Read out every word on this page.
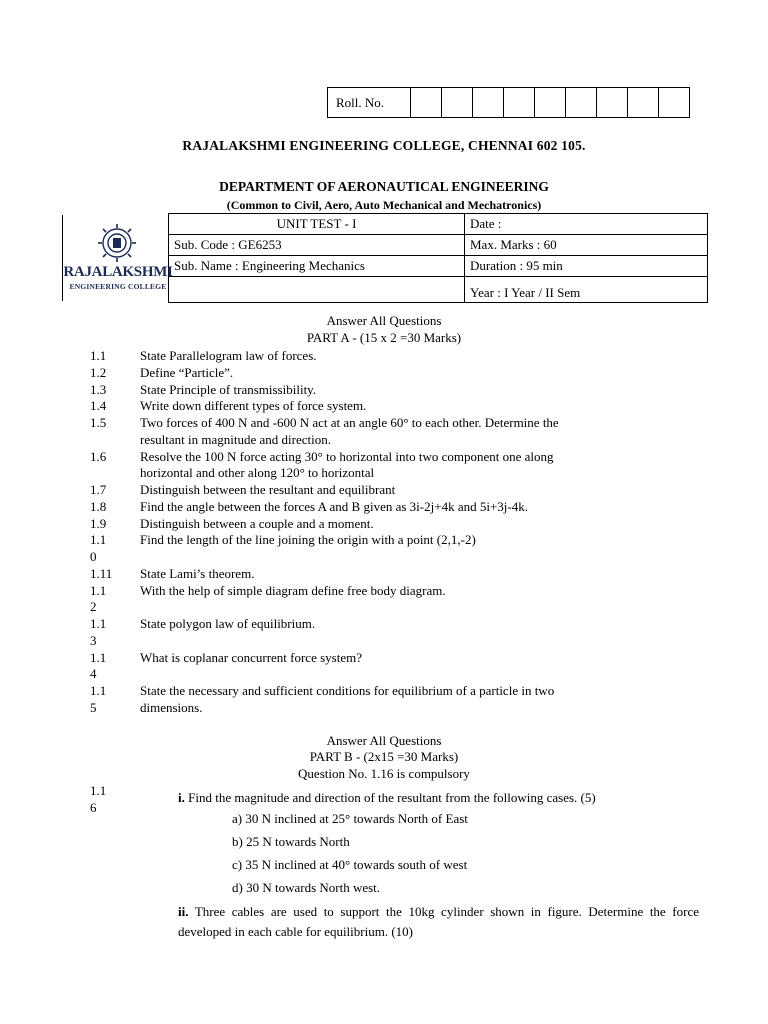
Roll. No.									
RAJALAKSHMI ENGINEERING COLLEGE, CHENNAI 602 105.
DEPARTMENT OF AERONAUTICAL ENGINEERING
(Common to Civil, Aero, Auto Mechanical and Mechatronics)
RAJALAKSHMI
ENGINEERING COLLEGE	UNIT TEST - I	Date :
	Sub. Code : GE6253	Max. Marks : 60
	Sub. Name : Engineering Mechanics	Duration : 95 min
		Year : I Year / II Sem
Answer All Questions
PART A - (15 x 2 =30 Marks)
1.1	State Parallelogram law of forces.
1.2	Define “Particle”.
1.3	State Principle of transmissibility.
1.4	Write down different types of force system.
1.5	Two forces of 400 N and -600 N act at an angle 60° to each other. Determine the
resultant in magnitude and direction.
1.6	Resolve the 100 N force acting 30° to horizontal into two component one along
horizontal and other along 120° to horizontal
1.7	Distinguish between the resultant and equilibrant
1.8	Find the angle between the forces A and B given as 3i-2j+4k and 5i+3j-4k.
1.9	Distinguish between a couple and a moment.
1.1	Find the length of the line joining the origin with a point (2,1,-2)
0
1.11 State Lami’s theorem.
1.1	With the help of simple diagram define free body diagram.
2
1.1	State polygon law of equilibrium.
3
1.1	What is coplanar concurrent force system?
4
1.1	State the necessary and sufficient conditions for equilibrium of a particle in two
5	dimensions.
Answer All Questions
PART B - (2x15 =30 Marks)
Question No. 1.16 is compulsory
1.1
6
i. Find the magnitude and direction of the resultant from the following cases. (5)
a) 30 N inclined at 25° towards North of East
b) 25 N towards North
c) 35 N inclined at 40° towards south of west
d) 30 N towards North west.
ii. Three cables are used to support the 10kg cylinder shown in figure. Determine the force developed in each cable for equilibrium. (10)
